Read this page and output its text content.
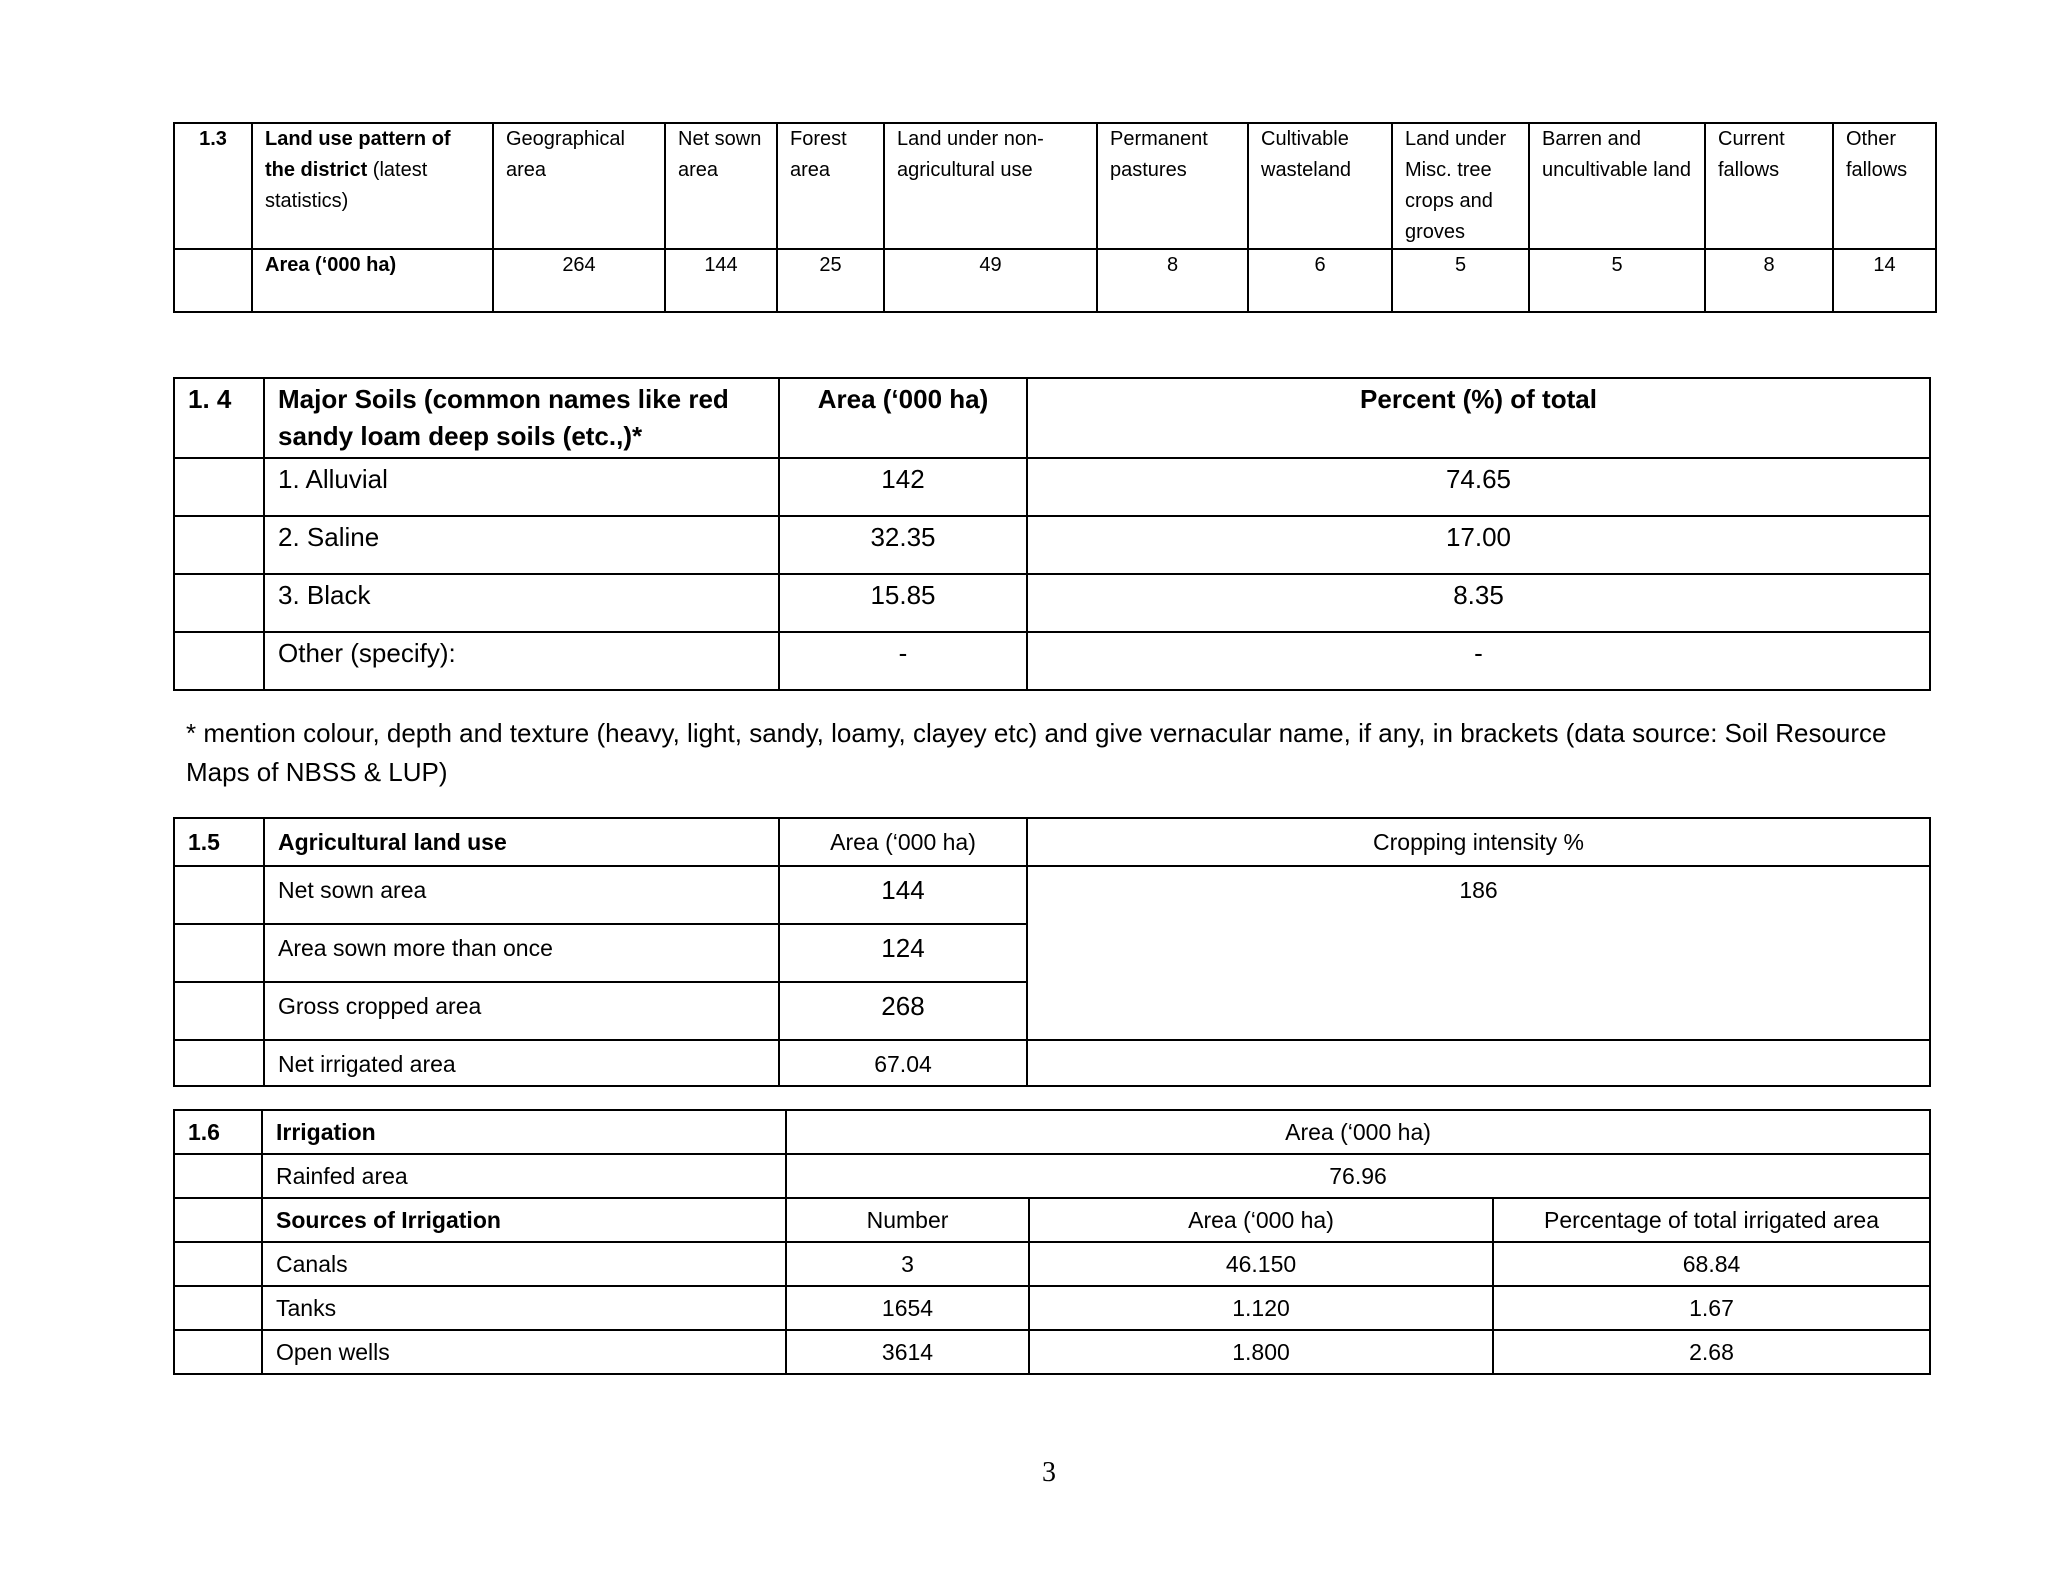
1.3	Land use pattern of the district (latest statistics)	Geographical area	Net sown area	Forest area	Land under non- agricultural use	Permanent pastures	Cultivable wasteland	Land under Misc. tree crops and groves	Barren and uncultivable land	Current fallows	Other fallows
	Area (‘000 ha)	264	144	25	49	8	6	5	5	8	14
1. 4	Major Soils (common names like red sandy loam deep soils (etc.,)*	Area (‘000 ha)	Percent (%) of total
	1. Alluvial	142	74.65
	2. Saline	32.35	17.00
	3. Black	15.85	8.35
	Other (specify):	-	-
* mention colour, depth and texture (heavy, light, sandy, loamy, clayey etc) and give vernacular name, if any, in brackets (data source: Soil Resource Maps of NBSS & LUP)
1.5	Agricultural land use	Area (‘000 ha)	Cropping intensity %
	Net sown area	144	186
	Area sown more than once	124	
	Gross cropped area	268	
	Net irrigated area	67.04	
1.6	Irrigation	Area (‘000 ha)		
	Rainfed area	76.96		
	Sources of Irrigation	Number	Area (‘000 ha)	Percentage of total irrigated area
	Canals	3	46.150	68.84
	Tanks	1654	1.120	1.67
	Open wells	3614	1.800	2.68
3
